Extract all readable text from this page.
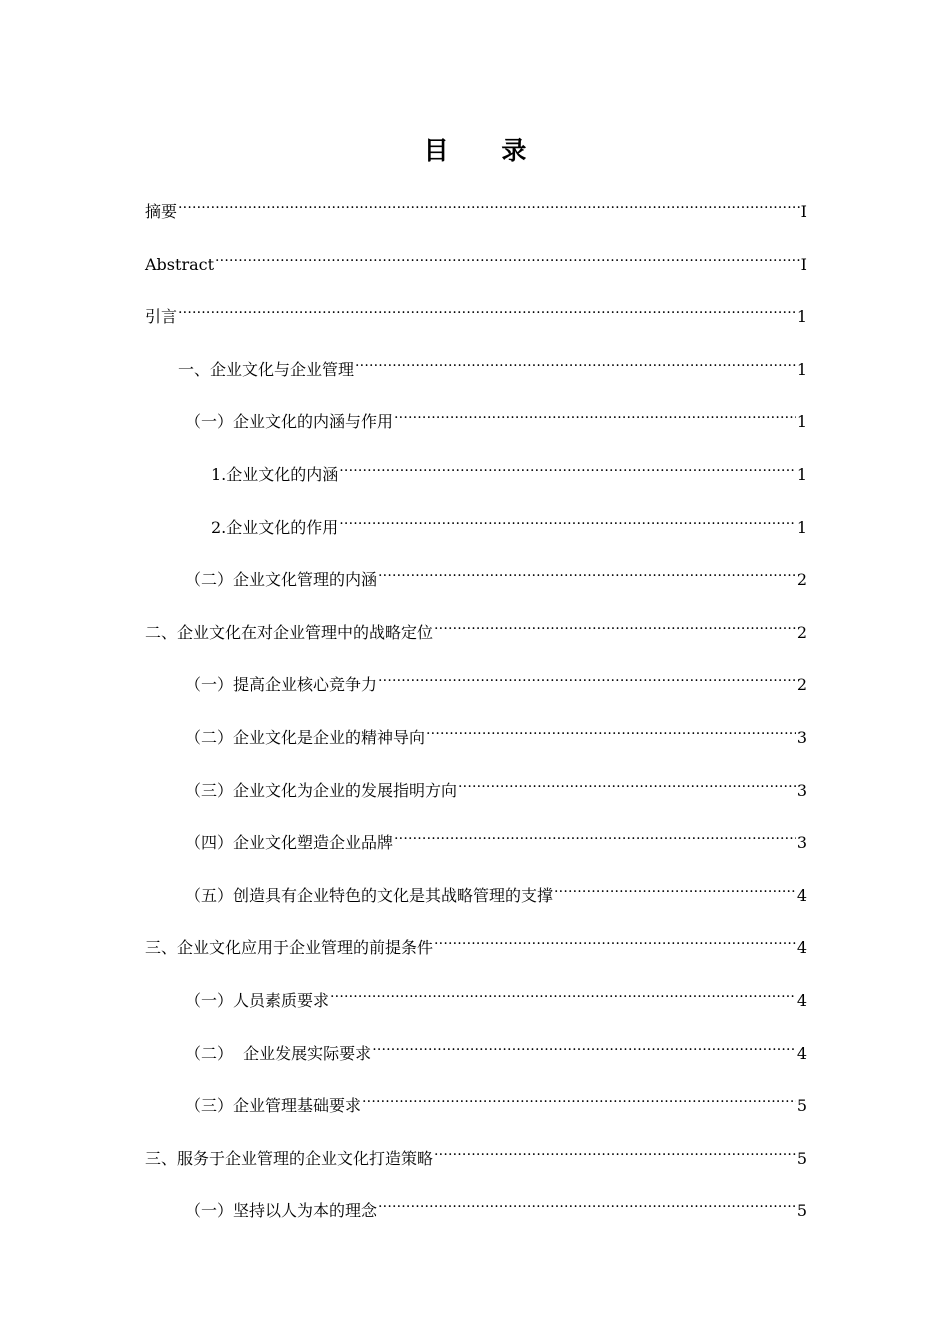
目 录
摘要 .....	I
Abstract .....	I
引言 .....	1
一、企业文化与企业管理 .....	1
（一）企业文化的内涵与作用 .....	1
1.企业文化的内涵 .....	1
2.企业文化的作用 .....	1
（二）企业文化管理的内涵 .....	2
二、企业文化在对企业管理中的战略定位 .....	2
（一）提高企业核心竞争力 .....	2
（二）企业文化是企业的精神导向 .....	3
（三）企业文化为企业的发展指明方向 .....	3
（四）企业文化塑造企业品牌 .....	3
（五）创造具有企业特色的文化是其战略管理的支撑 .....	4
三、企业文化应用于企业管理的前提条件 .....	4
（一）人员素质要求 .....	4
（二）  企业发展实际要求 .....	4
（三）企业管理基础要求 .....	5
三、服务于企业管理的企业文化打造策略 .....	5
（一）坚持以人为本的理念 .....	5
